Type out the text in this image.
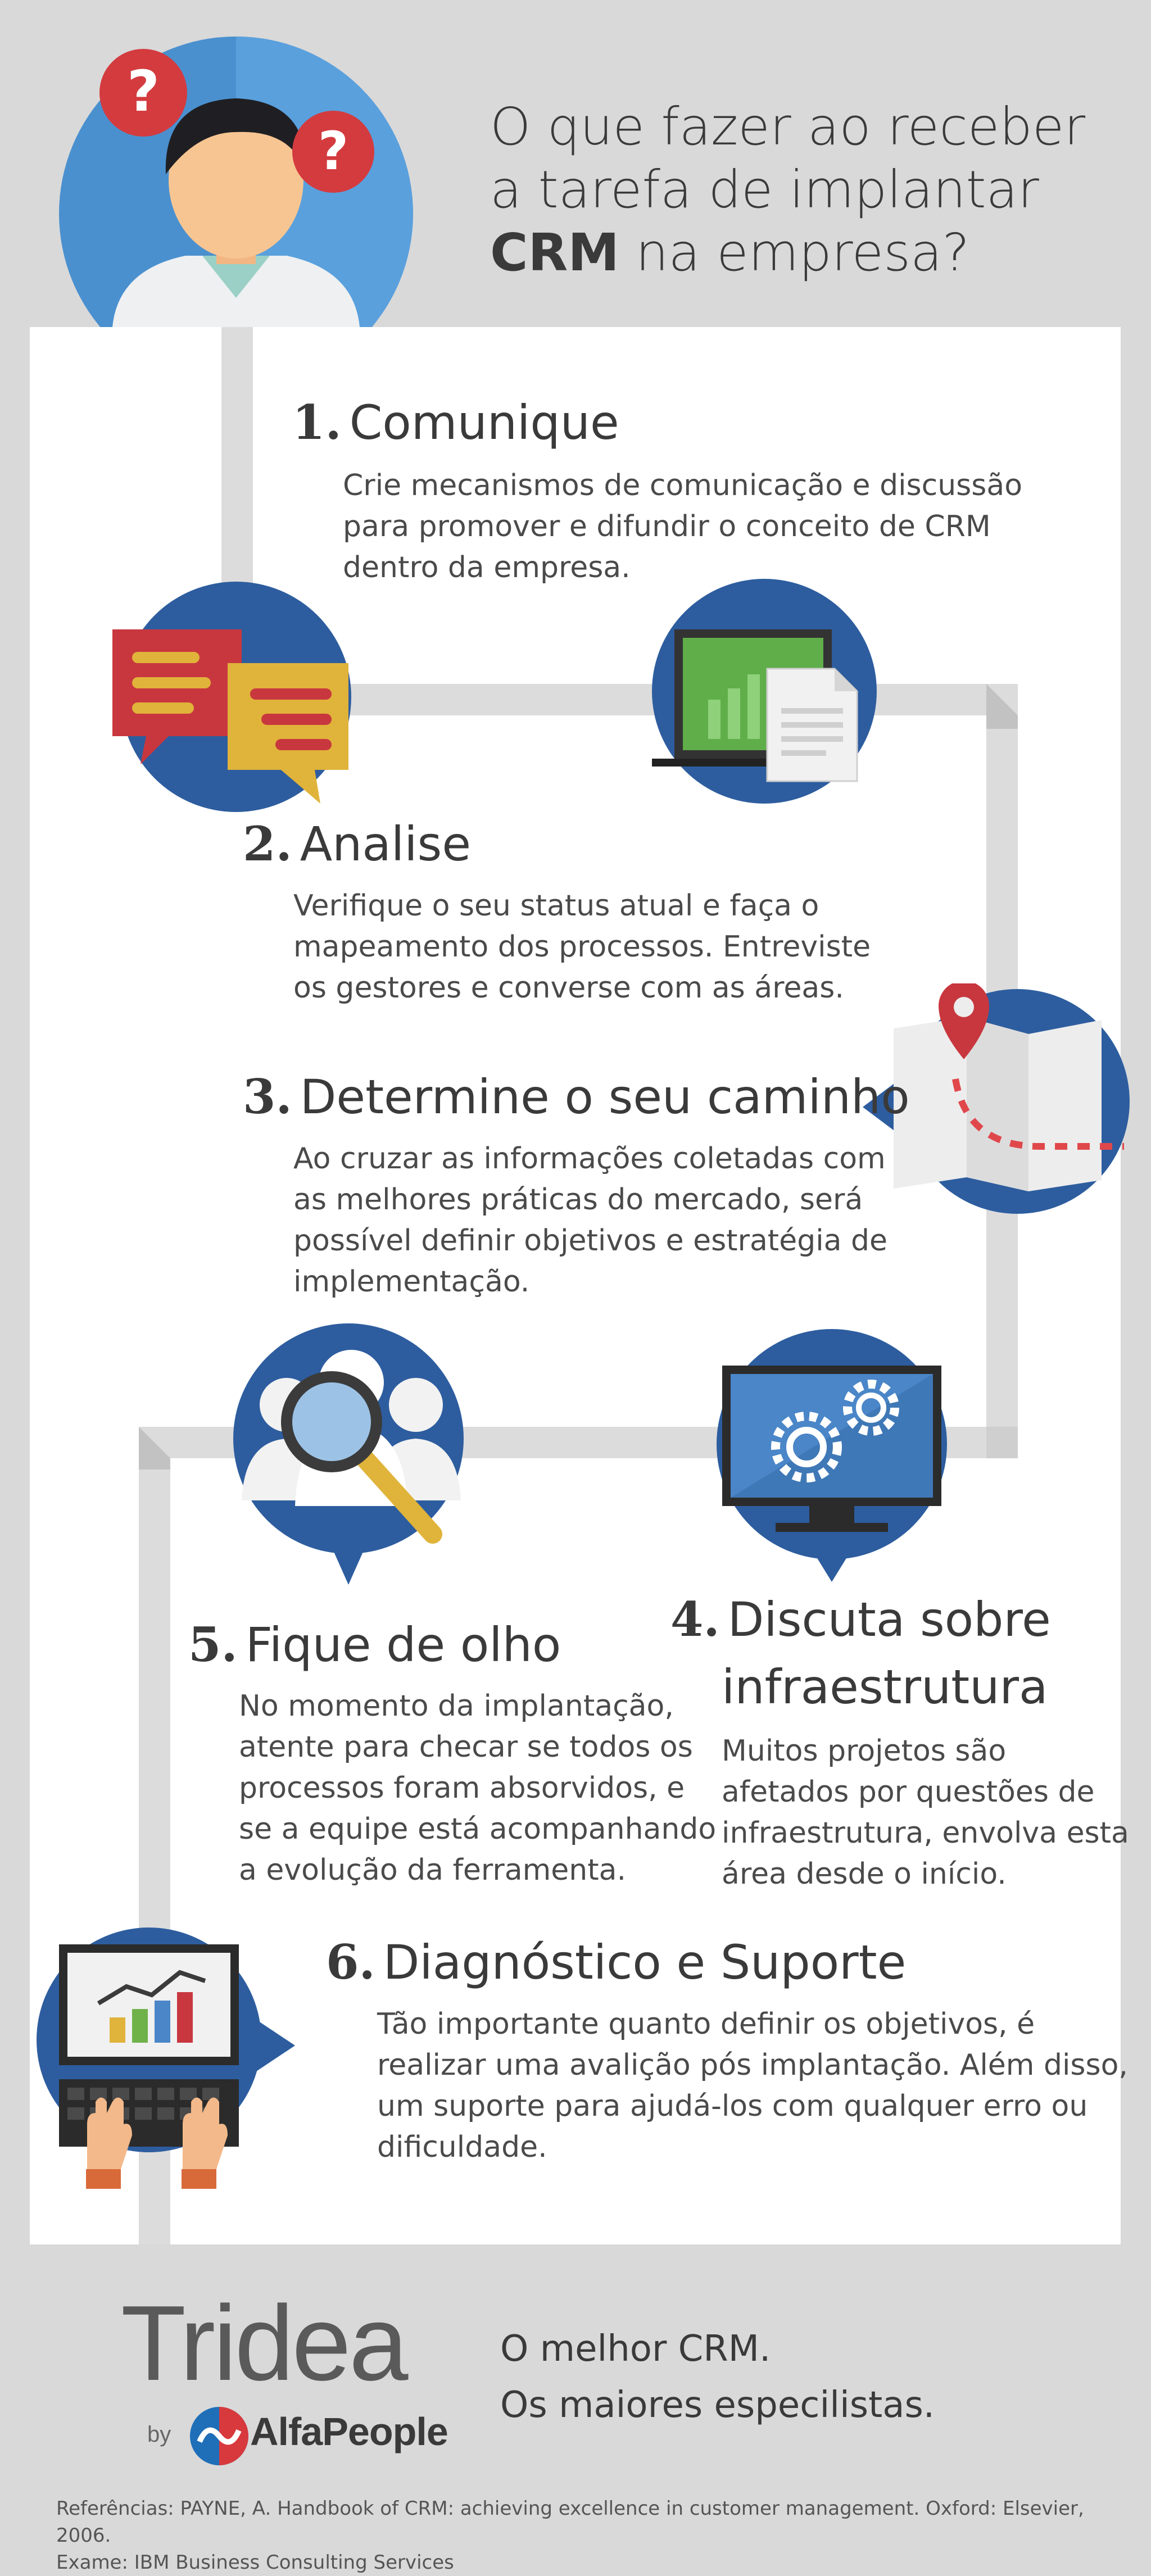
?
?	O que fazer ao receber
a tarefa de implantar
CRM na empresa?
1. Comunique
Crie mecanismos de comunicação e discussão
para promover e difundir o conceito de CRM
dentro da empresa.
2. Analise
Verifique o seu status atual e faça o
mapeamento dos processos. Entreviste
os gestores e converse com as áreas.
3. Determine o seu caminho
Ao cruzar as informações coletadas com
as melhores práticas do mercado, será
possível definir objetivos e estratégia de
implementação.
4. Discuta sobre
infraestrutura
Muitos projetos são
afetados por questões de
infraestrutura, envolva esta
área desde o início.
5. Fique de olho
No momento da implantação,
atente para checar se todos os
processos foram absorvidos, e
se a equipe está acompanhando
a evolução da ferramenta.
6. Diagnóstico e Suporte
Tão importante quanto definir os objetivos, é
realizar uma avalição pós implantação. Além disso,
um suporte para ajudá-los com qualquer erro ou
dificuldade.
Tridea
by AlfaPeople
O melhor CRM.
Os maiores especilistas.
Referências: PAYNE, A. Handbook of CRM: achieving excellence in customer management. Oxford: Elsevier, 2006.
Exame: IBM Business Consulting Services
